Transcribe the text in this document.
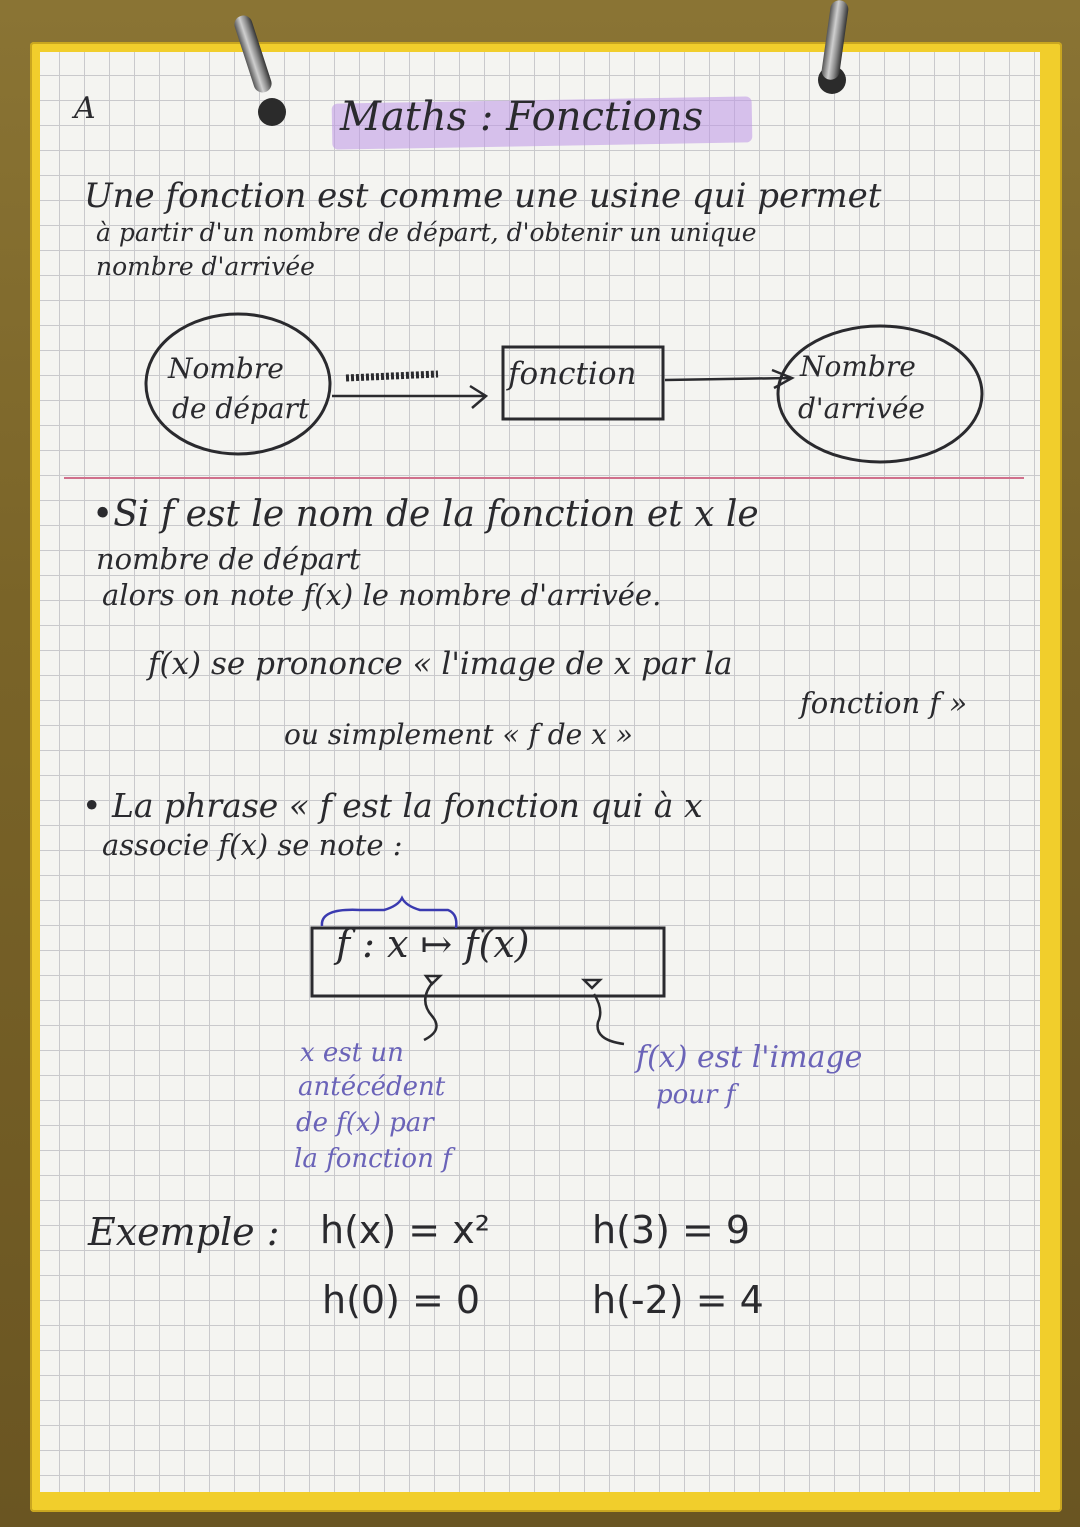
A	Maths : Fonctions
Une fonction est comme une usine qui permet
à partir d'un nombre de départ, d'obtenir un unique
nombre d'arrivée
Nombre
de départ
fonction	Nombre
d'arrivée
•Si f est le nom de la fonction et x le
nombre de départ
alors on note f(x) le nombre d'arrivée.
f(x) se prononce « l'image de x par la
fonction f »
ou simplement « f de x »
• La phrase « f est la fonction qui à x
associe f(x) se note :
f : x ↦ f(x)
x est un
antécédent
de f(x) par
la fonction f
f(x) est l'image
pour f
Exemple : h(x) = x²	h(3) = 9
h(0) = 0	h(-2) = 4
